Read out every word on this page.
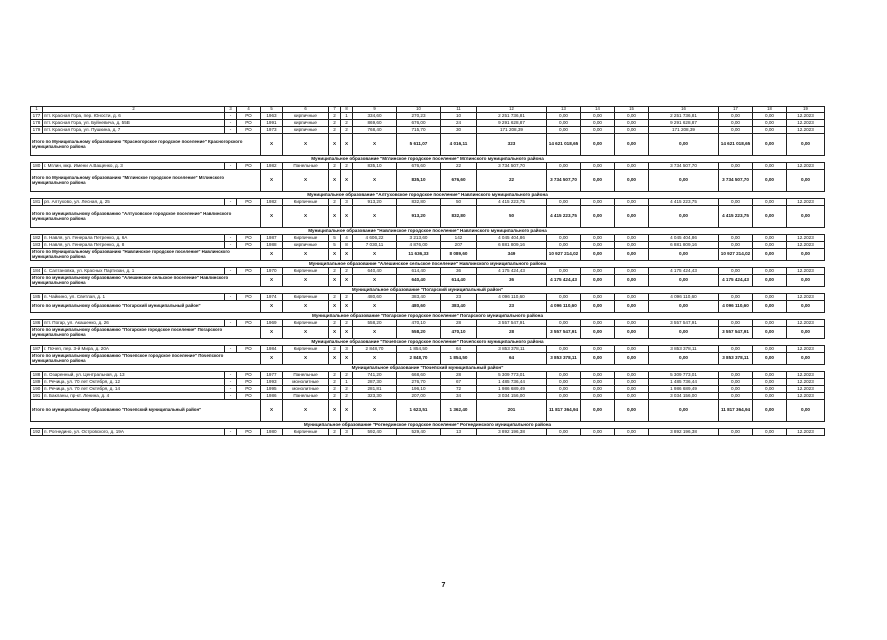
1	2	3	4	5	6	7	8	9	10	11	12	13	14	15	16	17	18	19
177	пгт. Красная Гора, пер. Юности, д. 6	-	РО	1963	кирпичные	2	1	334,60	270,23	10	2 251 736,81	0,00	0,00	0,00	2 251 736,81	0,00	0,00	12.2023
178	пгт. Красная Гора, ул. Буйневича, д. 55В	-	РО	1991	кирпичные	2	2	869,60	676,00	24	9 291 628,87	0,00	0,00	0,00	9 291 628,87	0,00	0,00	12.2023
179	пгт. Красная Гора, ул. Пушкина, д. 7	-	РО	1973	кирпичные	2	2	768,40	715,70	30	171 208,39	0,00	0,00	0,00	171 208,39	0,00	0,00	12.2023
Итого по Муниципальному образованию "Красногорское городское поселение" Красногорского муниципального района				X	X	X	X	X	5 611,07	4 016,11	323	14 621 018,65	0,00	0,00	0,00	14 621 018,65	0,00	0,00
Муниципальное образование "Мглинское городское поселение" Мглинского муниципального района																		
180	г. Мглин, мкр. Имени А.Ващенко, д. 3	-	РО	1982	Панельные	2	2	835,10	676,60	22	3 734 507,70	0,00	0,00	0,00	3 734 507,70	0,00	0,00	12.2023
Итого по Муниципальному образованию "Мглинское городское поселение" Мглинского муниципального района				X	X	X	X	X	835,10	676,60	22	3 734 507,70	0,00	0,00	0,00	3 734 507,70	0,00	0,00
Муниципальное образование "Алтуховское городское поселение" Навлинского муниципального района																		
181	рп. Алтухово, ул. Лесная, д. 25	-	РО	1982	Кирпичные	2	3	913,20	832,80	50	4 415 223,75	0,00	0,00	0,00	4 415 223,75	0,00	0,00	12.2023
Итого по муниципальному образованию "Алтуховское городское поселение" Навлинского муниципального района				X	X	X	X	X	913,20	832,80	50	4 415 223,75	0,00	0,00	0,00	4 415 223,75	0,00	0,00
Муниципальное образование "Навлинское городское поселение" Навлинского муниципального района																		
182	п. Навля, ул. Генерала Петренко, д. 6А	-	РО	1987	Кирпичные	5	4	4 606,22	3 213,60	142	4 045 404,86	0,00	0,00	0,00	4 045 404,86	0,00	0,00	12.2023
183	п. Навля, ул. Генерала Петренко, д. 8	-	РО	1988	кирпичные	5	8	7 030,11	4 876,00	207	6 881 809,16	0,00	0,00	0,00	6 881 809,16	0,00	0,00	12.2023
Итого по Муниципальному образованию "Навлинское городское поселение" Навлинского муниципального района				X	X	X	X	X	11 636,33	8 089,60	349	10 927 214,02	0,00	0,00	0,00	10 927 214,02	0,00	0,00
Муниципальное образование "Алешинское сельское поселение" Навлинского муниципального района																		
184	с. Салтановка, ул. Красных Партизан, д. 1	-	РО	1970	Кирпичные	2	2	640,40	614,40	36	4 175 424,43	0,00	0,00	0,00	4 175 424,43	0,00	0,00	12.2023
Итого по муниципальному образованию "Алешинское сельское поселение" Навлинского муниципального района				X	X	X	X	X	640,40	614,40	36	4 175 424,43	0,00	0,00	0,00	4 175 424,43	0,00	0,00
Муниципальное образование "Погарский муниципальный район"																		
185	п. Чайкино, ул. Светлая, д. 1	-	РО	1974	Кирпичные	2	2	480,60	383,40	23	4 096 110,60	0,00	0,00	0,00	4 096 110,60	0,00	0,00	12.2023
Итого по муниципальному образованию "Погарский муниципальный район"				X	X	X	X	X	480,60	383,40	23	4 096 110,60	0,00	0,00	0,00	4 096 110,60	0,00	0,00
Муниципальное образование "Погарское городское поселение" Погарского муниципального района																		
186	пгт. Погар, ул. Акашенко, д. 26	-	РО	1969	Кирпичные	2	2	558,20	470,10	28	3 557 547,91	0,00	0,00	0,00	3 557 547,91	0,00	0,00	12.2023
Итого по муниципальному образованию "Погарское городское поселение" Погарского муниципального района				X	X	X	X	X	558,20	470,10	28	3 557 547,91	0,00	0,00	0,00	3 557 547,91	0,00	0,00
Муниципальное образование "Почепское городское поселение" Почепского муниципального района																		
187	г. Почеп, пер. 3-й Мира, д. 20А	-	РО	1984	Кирпичные	2	3	2 848,70	1 854,50	64	3 853 378,11	0,00	0,00	0,00	3 853 378,11	0,00	0,00	12.2023
Итого по муниципальному образованию "Почепское городское поселение" Почепского муниципального района				X	X	X	X	X	2 848,70	1 854,50	64	3 853 378,11	0,00	0,00	0,00	3 853 378,11	0,00	0,00
Муниципальное образование "Почепский муниципальный район"																		
188	п. Озаренный, ул. Центральная, д. 13	-	РО	1977	Панельные	2	2	741,20	668,60	28	5 309 773,01	0,00	0,00	0,00	5 309 773,01	0,00	0,00	12.2023
189	п. Речица, ул. 70 лет Октября, д. 12	-	РО	1993	монолитные	2	1	287,30	276,70	67	1 485 736,44	0,00	0,00	0,00	1 485 736,44	0,00	0,00	12.2023
190	п. Речица, ул. 70 лет Октября, д. 14	-	РО	1995	монолитные	2	2	281,81	196,10	72	1 986 689,49	0,00	0,00	0,00	1 986 689,49	0,00	0,00	12.2023
191	п. Бакланы, пр-кт. Ленина, д. 4	-	РО	1986	Панельные	2	2	323,30	207,00	34	3 034 156,00	0,00	0,00	0,00	3 034 156,00	0,00	0,00	12.2023
Итого по муниципальному образованию "Почепский муниципальный район"				X	X	X	X	X	1 623,51	1 362,40	201	11 817 364,94	0,00	0,00	0,00	11 817 364,94	0,00	0,00
Муниципальное образование "Рогнединское городское поселение" Рогнединского муниципального района																		
192	п. Рогнедино, ул. Островского, д. 19А	-	РО	1980	Кирпичные	2	3	592,40	529,40	13	3 892 196,38	0,00	0,00	0,00	3 892 196,38	0,00	0,00	12.2023
7
